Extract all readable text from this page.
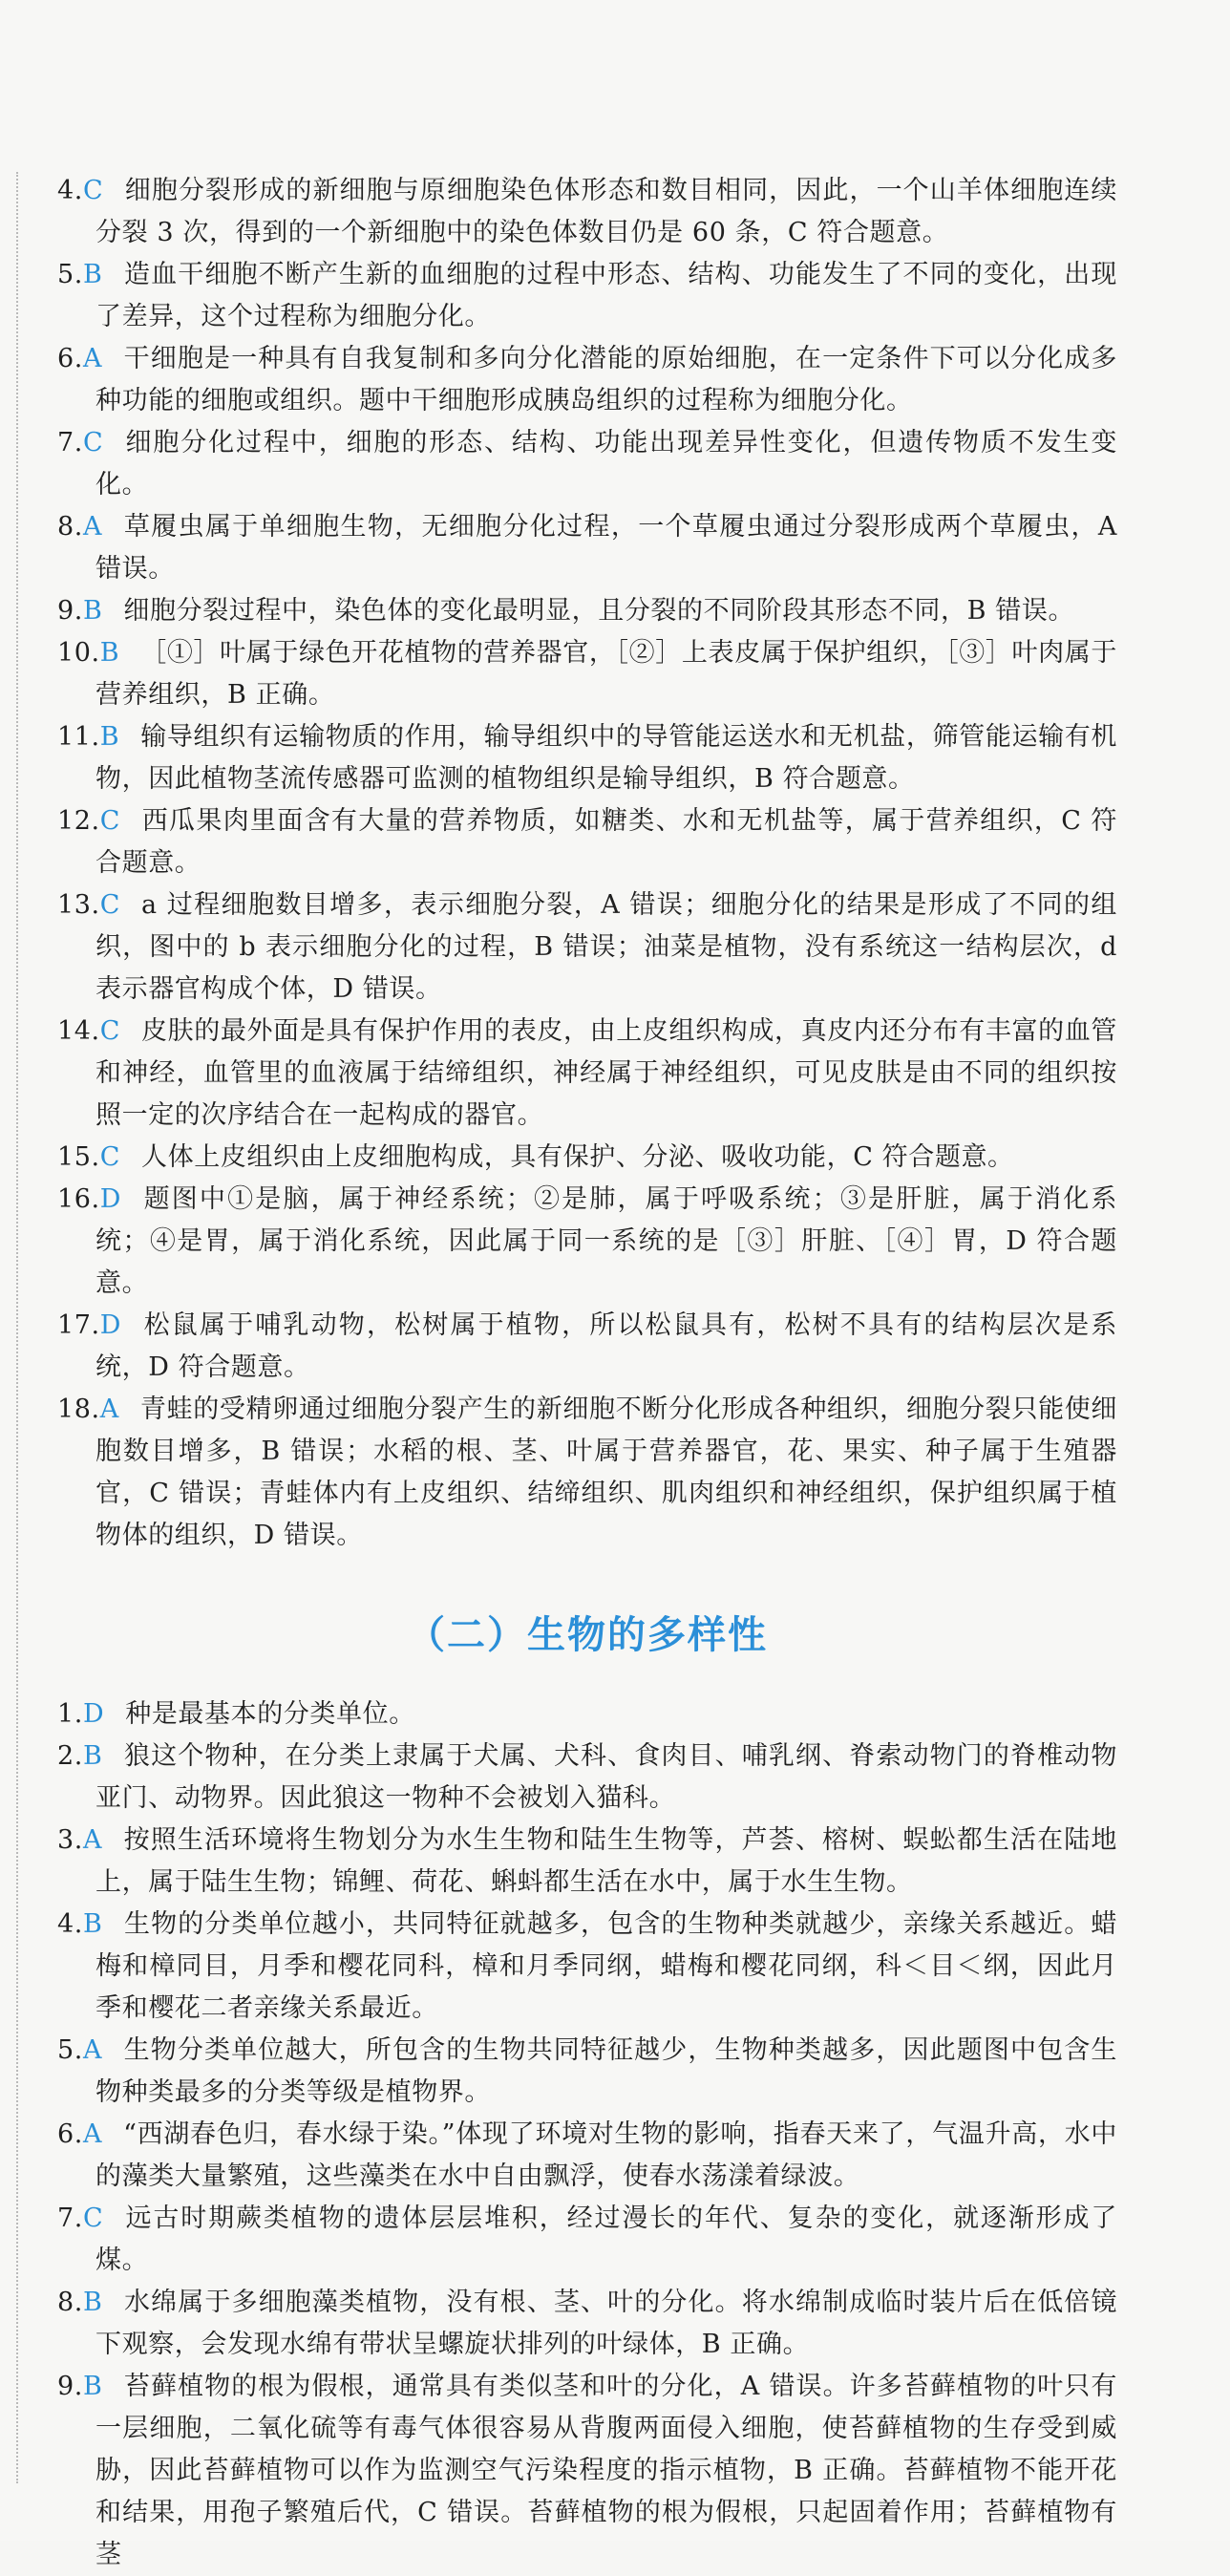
4.C 细胞分裂形成的新细胞与原细胞染色体形态和数目相同，因此，一个山羊体细胞连续分裂 3 次，得到的一个新细胞中的染色体数目仍是 60 条，C 符合题意。
5.B 造血干细胞不断产生新的血细胞的过程中形态、结构、功能发生了不同的变化，出现了差异，这个过程称为细胞分化。
6.A 干细胞是一种具有自我复制和多向分化潜能的原始细胞，在一定条件下可以分化成多种功能的细胞或组织。题中干细胞形成胰岛组织的过程称为细胞分化。
7.C 细胞分化过程中，细胞的形态、结构、功能出现差异性变化，但遗传物质不发生变化。
8.A 草履虫属于单细胞生物，无细胞分化过程，一个草履虫通过分裂形成两个草履虫，A 错误。
9.B 细胞分裂过程中，染色体的变化最明显，且分裂的不同阶段其形态不同，B 错误。
10.B ［①］叶属于绿色开花植物的营养器官，［②］上表皮属于保护组织，［③］叶肉属于营养组织，B 正确。
11.B 输导组织有运输物质的作用，输导组织中的导管能运送水和无机盐，筛管能运输有机物，因此植物茎流传感器可监测的植物组织是输导组织，B 符合题意。
12.C 西瓜果肉里面含有大量的营养物质，如糖类、水和无机盐等，属于营养组织，C 符合题意。
13.C a 过程细胞数目增多，表示细胞分裂，A 错误；细胞分化的结果是形成了不同的组织，图中的 b 表示细胞分化的过程，B 错误；油菜是植物，没有系统这一结构层次，d 表示器官构成个体，D 错误。
14.C 皮肤的最外面是具有保护作用的表皮，由上皮组织构成，真皮内还分布有丰富的血管和神经，血管里的血液属于结缔组织，神经属于神经组织，可见皮肤是由不同的组织按照一定的次序结合在一起构成的器官。
15.C 人体上皮组织由上皮细胞构成，具有保护、分泌、吸收功能，C 符合题意。
16.D 题图中①是脑，属于神经系统；②是肺，属于呼吸系统；③是肝脏，属于消化系统；④是胃，属于消化系统，因此属于同一系统的是［③］肝脏、［④］胃，D 符合题意。
17.D 松鼠属于哺乳动物，松树属于植物，所以松鼠具有，松树不具有的结构层次是系统，D 符合题意。
18.A 青蛙的受精卵通过细胞分裂产生的新细胞不断分化形成各种组织，细胞分裂只能使细胞数目增多，B 错误；水稻的根、茎、叶属于营养器官，花、果实、种子属于生殖器官，C 错误；青蛙体内有上皮组织、结缔组织、肌肉组织和神经组织，保护组织属于植物体的组织，D 错误。
（二）生物的多样性
1.D 种是最基本的分类单位。
2.B 狼这个物种，在分类上隶属于犬属、犬科、食肉目、哺乳纲、脊索动物门的脊椎动物亚门、动物界。因此狼这一物种不会被划入猫科。
3.A 按照生活环境将生物划分为水生生物和陆生生物等，芦荟、榕树、蜈蚣都生活在陆地上，属于陆生生物；锦鲤、荷花、蝌蚪都生活在水中，属于水生生物。
4.B 生物的分类单位越小，共同特征就越多，包含的生物种类就越少，亲缘关系越近。蜡梅和樟同目，月季和樱花同科，樟和月季同纲，蜡梅和樱花同纲，科＜目＜纲，因此月季和樱花二者亲缘关系最近。
5.A 生物分类单位越大，所包含的生物共同特征越少，生物种类越多，因此题图中包含生物种类最多的分类等级是植物界。
6.A “西湖春色归，春水绿于染。”体现了环境对生物的影响，指春天来了，气温升高，水中的藻类大量繁殖，这些藻类在水中自由飘浮，使春水荡漾着绿波。
7.C 远古时期蕨类植物的遗体层层堆积，经过漫长的年代、复杂的变化，就逐渐形成了煤。
8.B 水绵属于多细胞藻类植物，没有根、茎、叶的分化。将水绵制成临时装片后在低倍镜下观察，会发现水绵有带状呈螺旋状排列的叶绿体，B 正确。
9.B 苔藓植物的根为假根，通常具有类似茎和叶的分化，A 错误。许多苔藓植物的叶只有一层细胞，二氧化硫等有毒气体很容易从背腹两面侵入细胞，使苔藓植物的生存受到威胁，因此苔藓植物可以作为监测空气污染程度的指示植物，B 正确。苔藓植物不能开花和结果，用孢子繁殖后代，C 错误。苔藓植物的根为假根，只起固着作用；苔藓植物有茎
